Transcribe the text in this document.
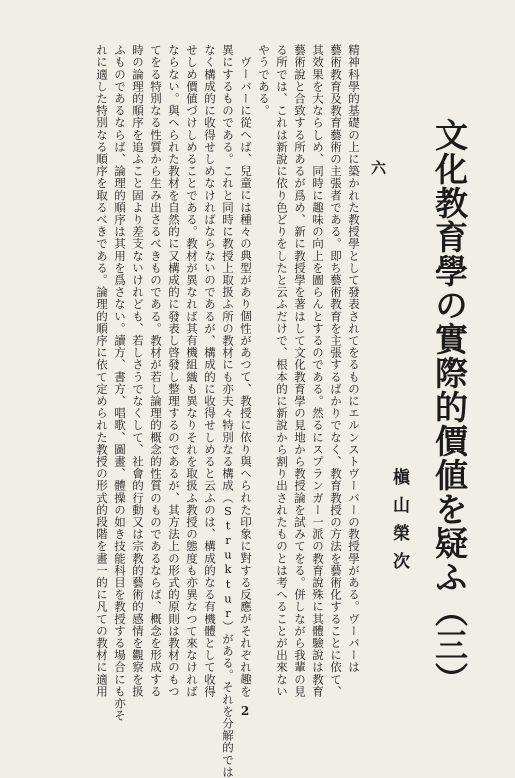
文化教育學の實際的價値を疑ふ（三）
槇山榮次
六
精神科學的基礎の上に築かれた教授學として發表されてをるものにエルンストヴーバーの教授學がある。ヴーバーは
藝術教育及教育藝術の主張者である。即ち藝術教育を主張するばかりでなく、教育教授の方法を藝術化することに依て、
其效果を大ならしめ、同時に趣味の向上を圖らんとするのである。然るにスプランガー一派の教育說殊に其體驗說は教育
藝術說と合致する所あるが爲め、新に教授學を著はして文化教育學の見地から教授論を試みてをる。併しながら我輩の見
る所では、これは新說に依り色どりをしたと云ふだけで、根本的に新說から割り出されたものとは考へることが出來ない
やうである。
ヴーバーに從へば、兒童には種々の典型があり個性があつて、教授に依り與へられた印象に對する反應がそれぞれ趣を
異にするものである。これと同時に教授上取扱ふ所の教材にも亦夫々特別なる構成（Struktur）がある。それを分解的では
なく構成的に收得せしめなければならないのであるが、構成的に收得せしめると云ふのは、構成的なる有機體として收得
せしめ價値づけしめることである。教材が異なれば其有機組織も異なりそれを取扱ふ教授の態度も亦異なつて來なければ
ならない。與へられた教材を自然的に又構成的に發表し啓發し整理するのであるが、其方法上の形式的原則は教材のもつ
てをる特別なる性質から生み出さるべきものである。教材が若し論理的概念的性質のものであるならば、概念を形成する
時の論理的順序を追ふこと固より差支ないけれども、若しさうでなくして、社會的行動又は宗教的藝術的感情を觀察を扱
ふものであるならば、論理的順序は其用を爲さない。讀方、書方、唱歌、圖畫、體操の如き技能科目を教授する場合にも亦そ
れに適した特別なる順序を取るべきである。論理的順序に依て定められた教授の形式的段階を畫一的に凡ての教材に適用
2
